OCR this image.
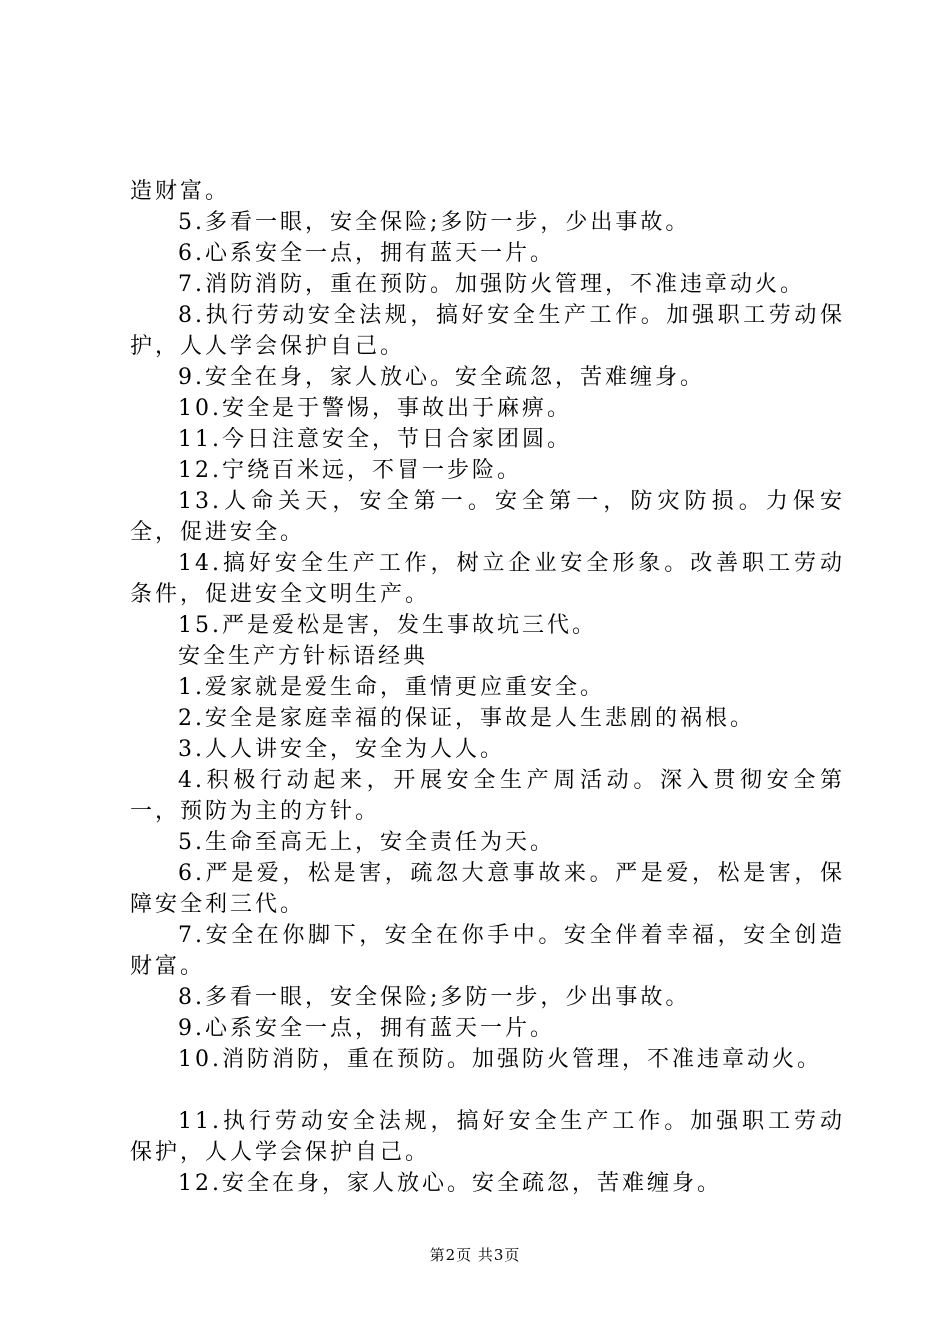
造财富。
5.多看一眼，安全保险;多防一步，少出事故。
6.心系安全一点，拥有蓝天一片。
7.消防消防，重在预防。加强防火管理，不准违章动火。
8.执行劳动安全法规，搞好安全生产工作。加强职工劳动保护，人人学会保护自己。
9.安全在身，家人放心。安全疏忽，苦难缠身。
10.安全是于警惕，事故出于麻痹。
11.今日注意安全，节日合家团圆。
12.宁绕百米远，不冒一步险。
13.人命关天，安全第一。安全第一，防灾防损。力保安全，促进安全。
14.搞好安全生产工作，树立企业安全形象。改善职工劳动条件，促进安全文明生产。
15.严是爱松是害，发生事故坑三代。
安全生产方针标语经典
1.爱家就是爱生命，重情更应重安全。
2.安全是家庭幸福的保证，事故是人生悲剧的祸根。
3.人人讲安全，安全为人人。
4.积极行动起来，开展安全生产周活动。深入贯彻安全第一，预防为主的方针。
5.生命至高无上，安全责任为天。
6.严是爱，松是害，疏忽大意事故来。严是爱，松是害，保障安全利三代。
7.安全在你脚下，安全在你手中。安全伴着幸福，安全创造财富。
8.多看一眼，安全保险;多防一步，少出事故。
9.心系安全一点，拥有蓝天一片。
10.消防消防，重在预防。加强防火管理，不准违章动火。
11.执行劳动安全法规，搞好安全生产工作。加强职工劳动保护，人人学会保护自己。
12.安全在身，家人放心。安全疏忽，苦难缠身。
第2页 共3页
